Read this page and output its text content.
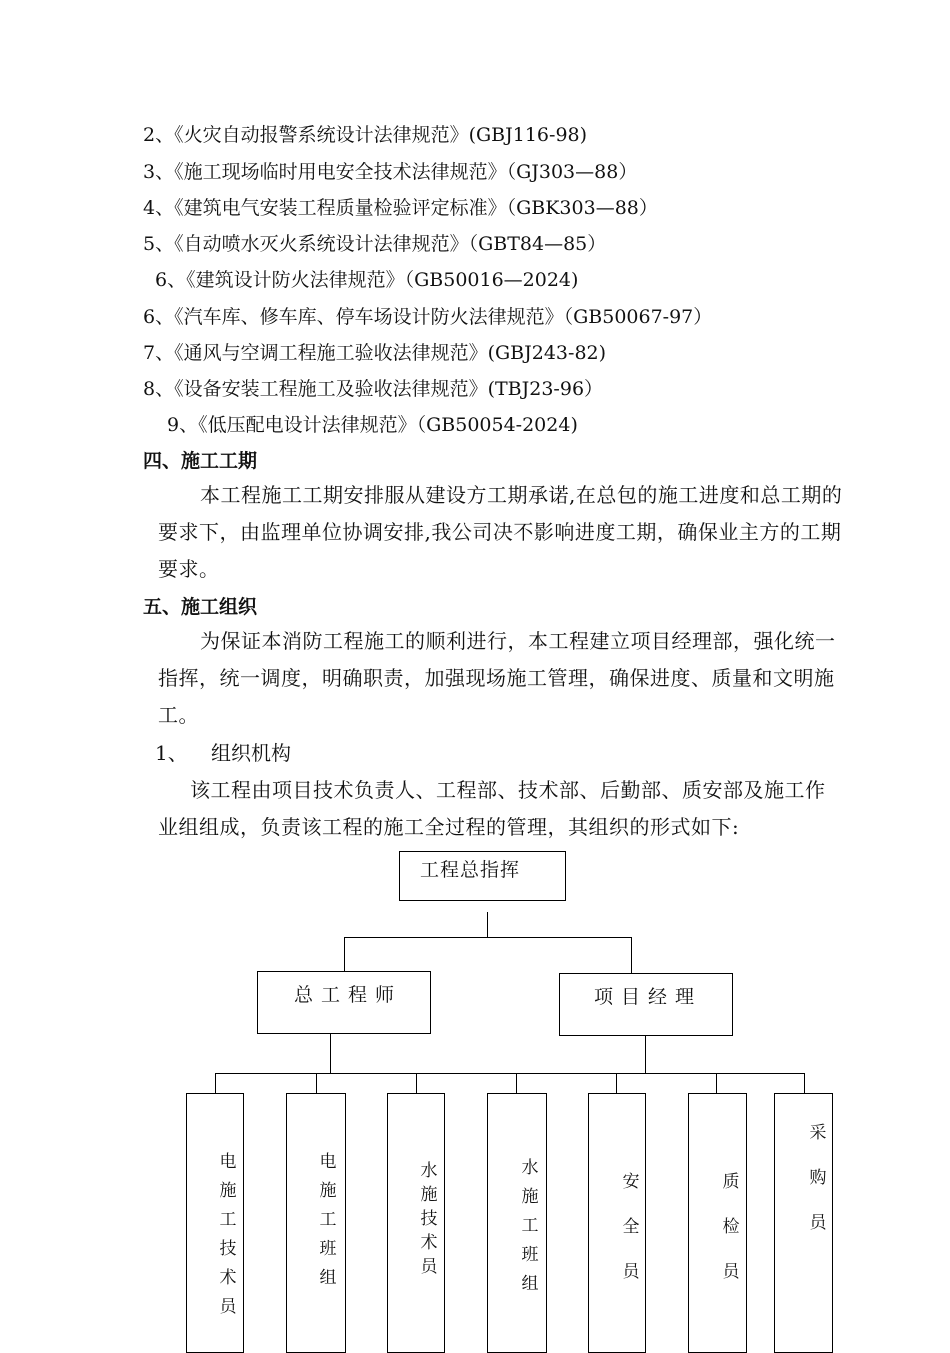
2、《火灾自动报警系统设计法律规范》(GBJ116-98)
3、《施工现场临时用电安全技术法律规范》（GJ303—88）
4、《建筑电气安装工程质量检验评定标准》（GBK303—88）
5、《自动喷水灭火系统设计法律规范》（GBT84—85）
6、《建筑设计防火法律规范》（GB50016—2024)
6、《汽车库、修车库、停车场设计防火法律规范》（GB50067-97）
7、《通风与空调工程施工验收法律规范》(GBJ243-82)
8、《设备安装工程施工及验收法律规范》(TBJ23-96）
9、《低压配电设计法律规范》（GB50054-2024)
四、施工工期
本工程施工工期安排服从建设方工期承诺,在总包的施工进度和总工期的要求下，由监理单位协调安排,我公司决不影响进度工期，确保业主方的工期要求。
五、施工组织
为保证本消防工程施工的顺利进行，本工程建立项目经理部，强化统一指挥，统一调度，明确职责，加强现场施工管理，确保进度、质量和文明施工。
1、 组织机构
该工程由项目技术负责人、工程部、技术部、后勤部、质安部及施工作 业组组成，负责该工程的施工全过程的管理，其组织的形式如下:
工程总指挥
总工程师	项目经理
电施工技术员
电施工班组
水施技术员
水施工班组
安全员
质检员
采购员
